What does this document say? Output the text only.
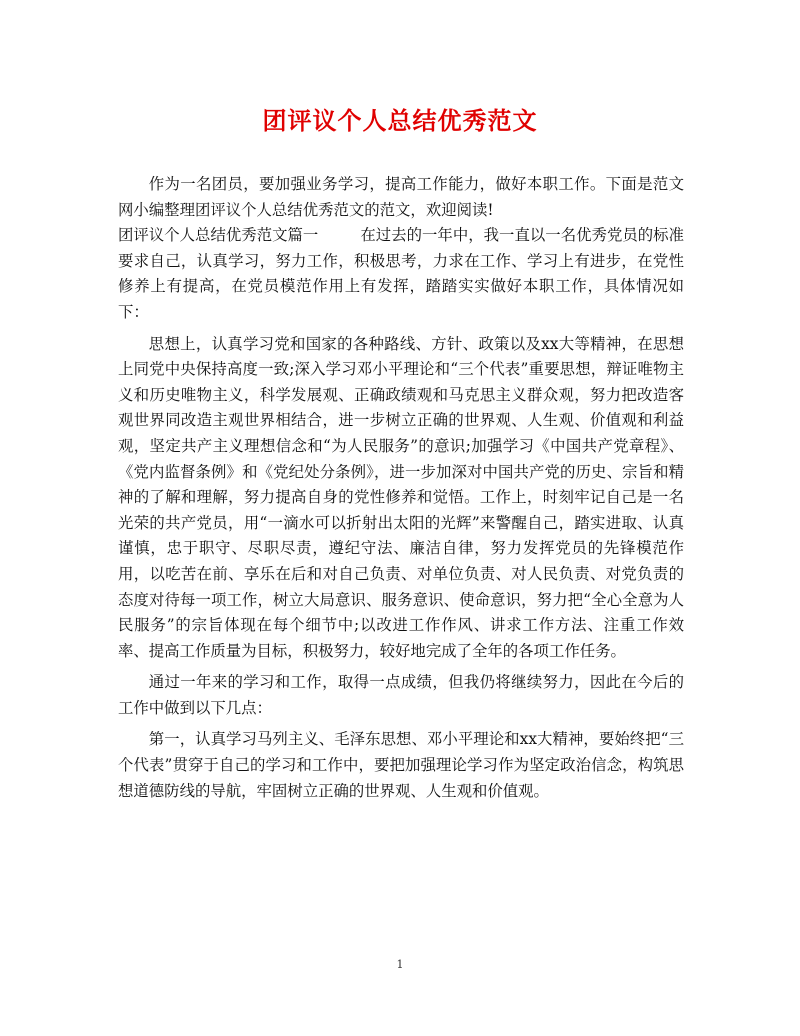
团评议个人总结优秀范文

作为一名团员，要加强业务学习，提高工作能力，做好本职工作。下面是范文网小编整理团评议个人总结优秀范文的范文，欢迎阅读!

团评议个人总结优秀范文篇一	在过去的一年中，我一直以一名优秀党员的标准要求自己，认真学习，努力工作，积极思考，力求在工作、学习上有进步，在党性修养上有提高，在党员模范作用上有发挥，踏踏实实做好本职工作，具体情况如下：

思想上，认真学习党和国家的各种路线、方针、政策以及xx大等精神，在思想上同党中央保持高度一致;深入学习邓小平理论和“三个代表”重要思想，辩证唯物主义和历史唯物主义，科学发展观、正确政绩观和马克思主义群众观，努力把改造客观世界同改造主观世界相结合，进一步树立正确的世界观、人生观、价值观和利益观，坚定共产主义理想信念和“为人民服务”的意识;加强学习《中国共产党章程》、《党内监督条例》和《党纪处分条例》，进一步加深对中国共产党的历史、宗旨和精神的了解和理解，努力提高自身的党性修养和觉悟。工作上，时刻牢记自己是一名光荣的共产党员，用“一滴水可以折射出太阳的光辉”来警醒自己，踏实进取、认真谨慎，忠于职守、尽职尽责，遵纪守法、廉洁自律，努力发挥党员的先锋模范作用，以吃苦在前、享乐在后和对自己负责、对单位负责、对人民负责、对党负责的态度对待每一项工作，树立大局意识、服务意识、使命意识，努力把“全心全意为人民服务”的宗旨体现在每个细节中;以改进工作作风、讲求工作方法、注重工作效率、提高工作质量为目标，积极努力，较好地完成了全年的各项工作任务。

通过一年来的学习和工作，取得一点成绩，但我仍将继续努力，因此在今后的工作中做到以下几点：

第一，认真学习马列主义、毛泽东思想、邓小平理论和xx大精神，要始终把“三个代表”贯穿于自己的学习和工作中，要把加强理论学习作为坚定政治信念，构筑思想道德防线的导航，牢固树立正确的世界观、人生观和价值观。

1
